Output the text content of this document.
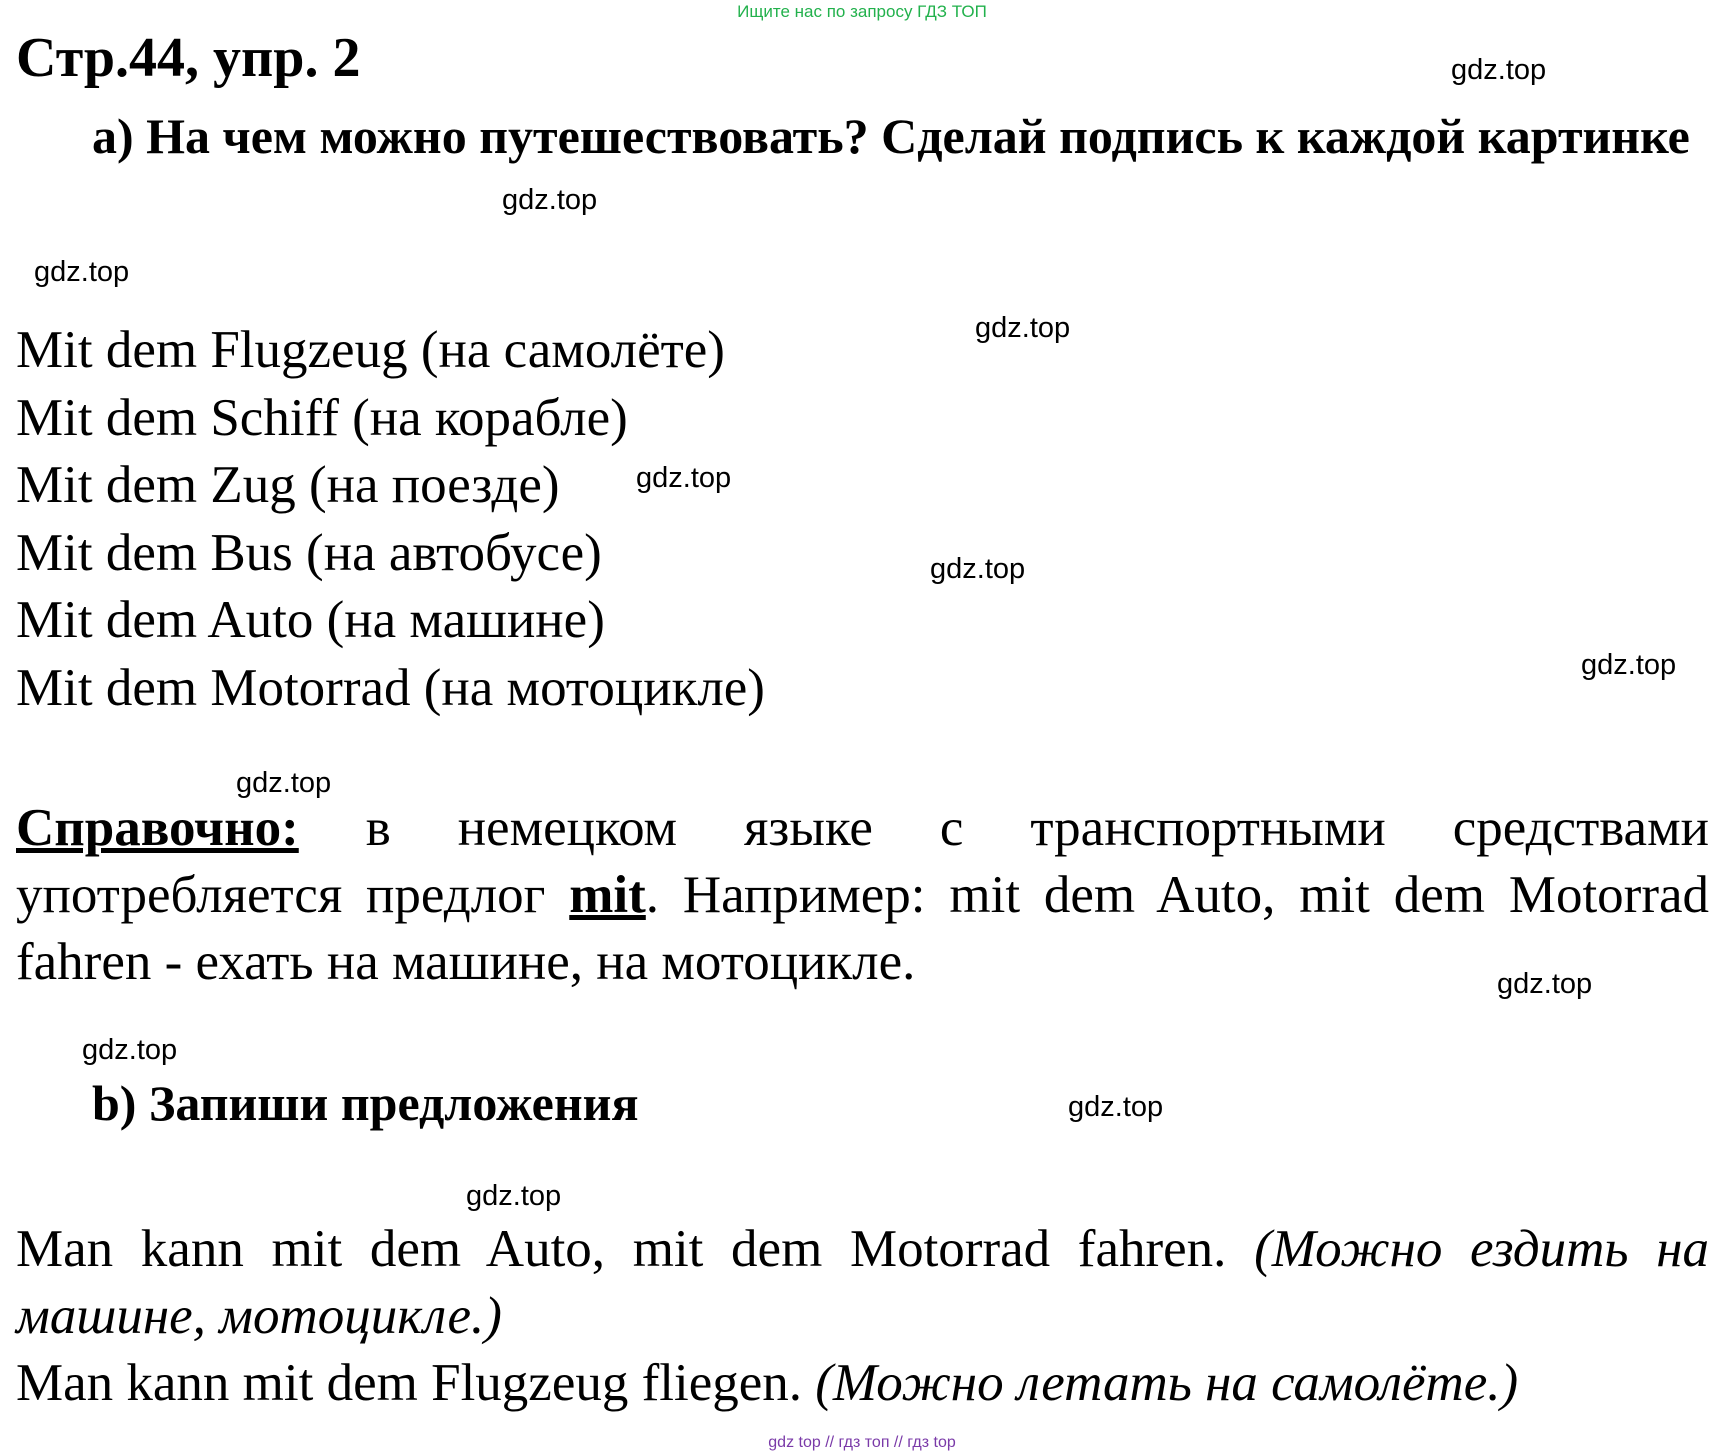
Ищите нас по запросу ГДЗ ТОП
Стр.44, упр. 2
a) На чем можно путешествовать? Сделай подпись к каждой картинке
Mit dem Flugzeug (на самолёте)
Mit dem Schiff (на корабле)
Mit dem Zug (на поезде)
Mit dem Bus (на автобусе)
Mit dem Auto (на машине)
Mit dem Motorrad (на мотоцикле)
Справочно: в немецком языке с транспортными средствами употребляется предлог mit. Например: mit dem Auto, mit dem Motorrad fahren - ехать на машине, на мотоцикле.
b) Запиши предложения
Man kann mit dem Auto, mit dem Motorrad fahren. (Можно ездить на машине, мотоцикле.)
Man kann mit dem Flugzeug fliegen. (Можно летать на самолёте.)
gdz.top
gdz.top
gdz.top
gdz.top
gdz.top
gdz.top
gdz.top
gdz.top
gdz.top
gdz.top
gdz.top
gdz.top
gdz top // гдз топ // гдз top
